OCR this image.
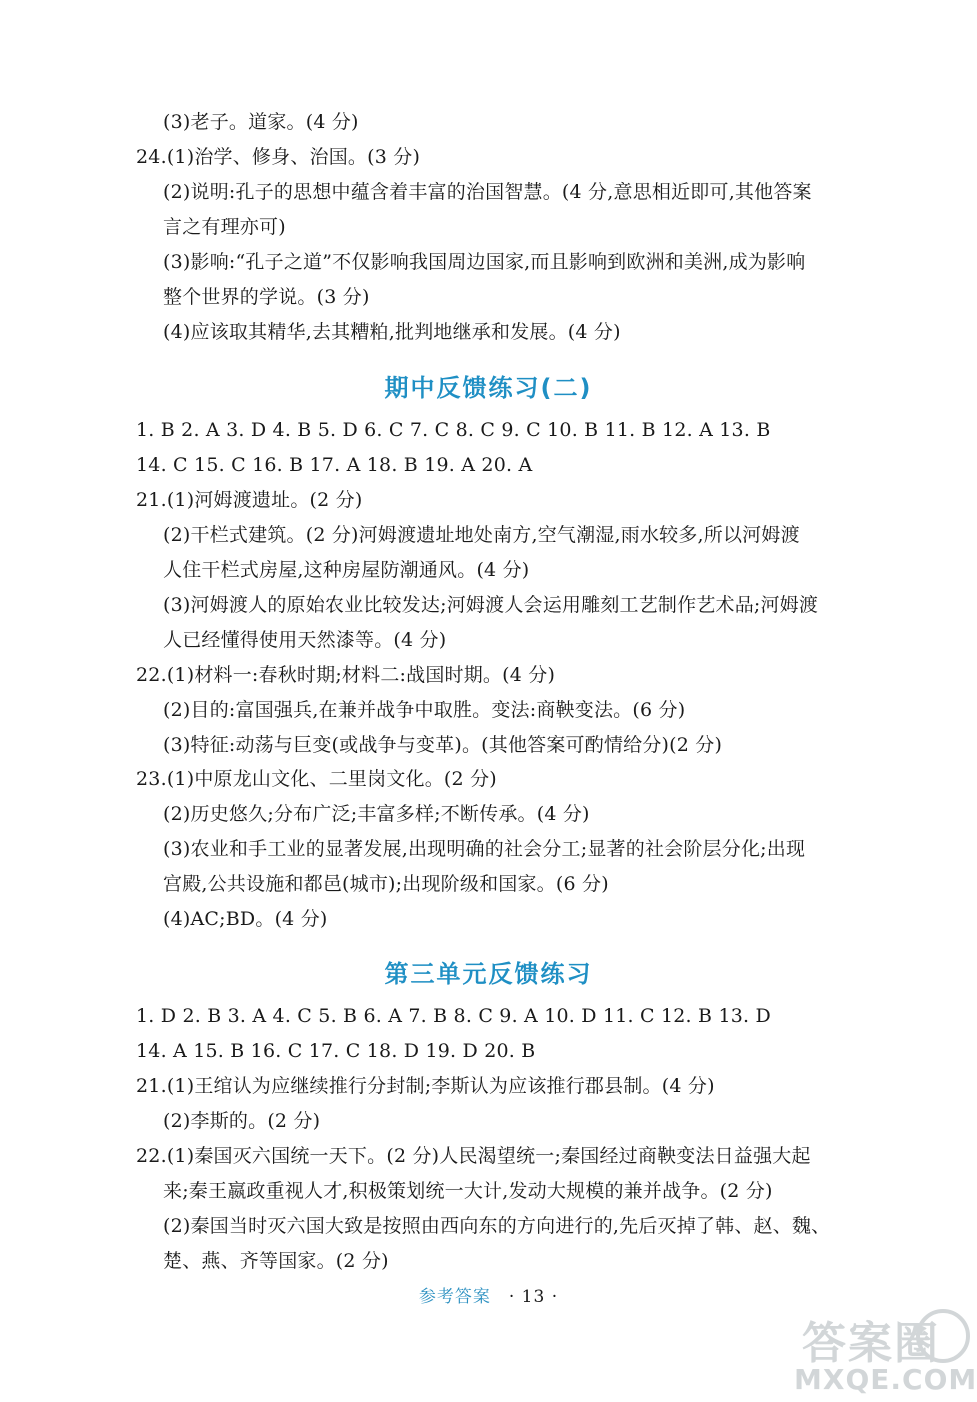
(3)老子。道家。(4 分)
24.(1)治学、修身、治国。(3 分)
(2)说明:孔子的思想中蕴含着丰富的治国智慧。(4 分,意思相近即可,其他答案
言之有理亦可)
(3)影响:“孔子之道”不仅影响我国周边国家,而且影响到欧洲和美洲,成为影响
整个世界的学说。(3 分)
(4)应该取其精华,去其糟粕,批判地继承和发展。(4 分)
期中反馈练习(二)
1. B 2. A 3. D 4. B 5. D 6. C 7. C 8. C 9. C 10. B 11. B 12. A 13. B
14. C 15. C 16. B 17. A 18. B 19. A 20. A
21.(1)河姆渡遗址。(2 分)
(2)干栏式建筑。(2 分)河姆渡遗址地处南方,空气潮湿,雨水较多,所以河姆渡
人住干栏式房屋,这种房屋防潮通风。(4 分)
(3)河姆渡人的原始农业比较发达;河姆渡人会运用雕刻工艺制作艺术品;河姆渡
人已经懂得使用天然漆等。(4 分)
22.(1)材料一:春秋时期;材料二:战国时期。(4 分)
(2)目的:富国强兵,在兼并战争中取胜。变法:商鞅变法。(6 分)
(3)特征:动荡与巨变(或战争与变革)。(其他答案可酌情给分)(2 分)
23.(1)中原龙山文化、二里岗文化。(2 分)
(2)历史悠久;分布广泛;丰富多样;不断传承。(4 分)
(3)农业和手工业的显著发展,出现明确的社会分工;显著的社会阶层分化;出现
宫殿,公共设施和都邑(城市);出现阶级和国家。(6 分)
(4)AC;BD。(4 分)
第三单元反馈练习
1. D 2. B 3. A 4. C 5. B 6. A 7. B 8. C 9. A 10. D 11. C 12. B 13. D
14. A 15. B 16. C 17. C 18. D 19. D 20. B
21.(1)王绾认为应继续推行分封制;李斯认为应该推行郡县制。(4 分)
(2)李斯的。(2 分)
22.(1)秦国灭六国统一天下。(2 分)人民渴望统一;秦国经过商鞅变法日益强大起
来;秦王嬴政重视人才,积极策划统一大计,发动大规模的兼并战争。(2 分)
(2)秦国当时灭六国大致是按照由西向东的方向进行的,先后灭掉了韩、赵、魏、
楚、燕、齐等国家。(2 分)
参考答案 · 13 ·
答案圈
MXQE.COM
